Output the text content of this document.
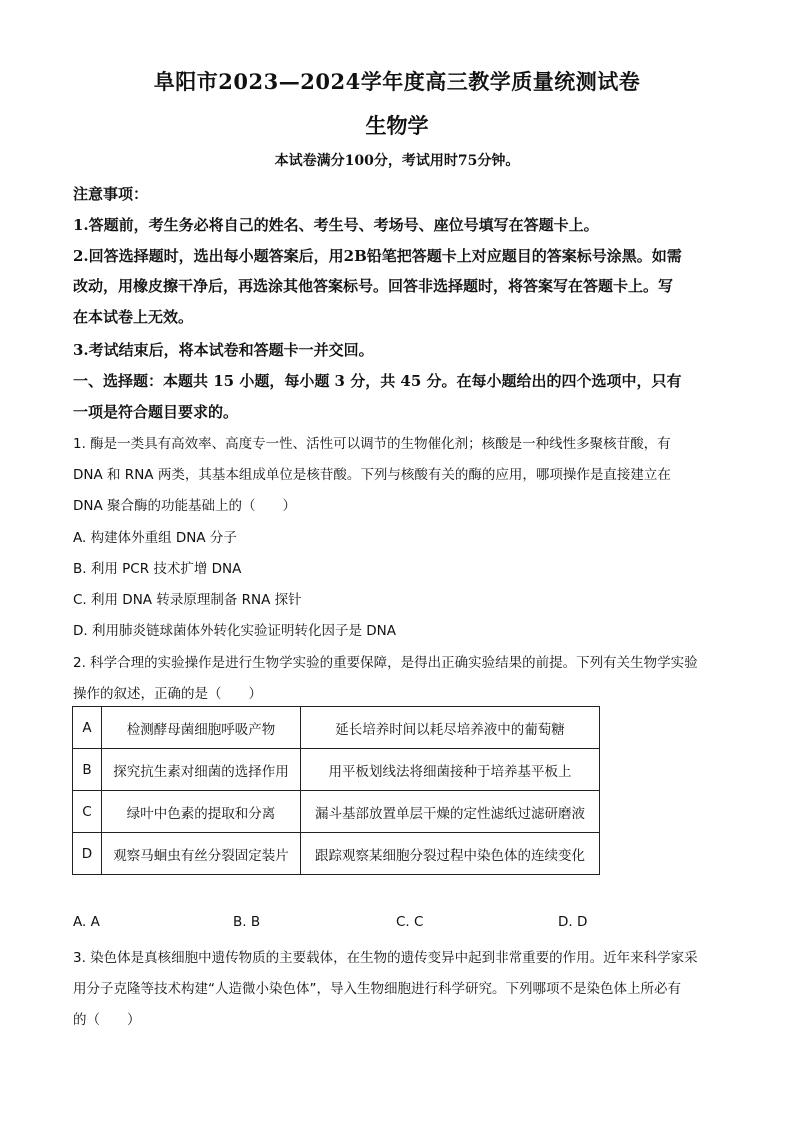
阜阳市2023—2024学年度高三教学质量统测试卷
生物学
本试卷满分100分，考试用时75分钟。
注意事项：
1.答题前，考生务必将自己的姓名、考生号、考场号、座位号填写在答题卡上。
2.回答选择题时，选出每小题答案后，用2B铅笔把答题卡上对应题目的答案标号涂黑。如需
改动，用橡皮擦干净后，再选涂其他答案标号。回答非选择题时，将答案写在答题卡上。写
在本试卷上无效。
3.考试结束后，将本试卷和答题卡一并交回。
一、选择题：本题共 15 小题，每小题 3 分，共 45 分。在每小题给出的四个选项中，只有
一项是符合题目要求的。
1. 酶是一类具有高效率、高度专一性、活性可以调节的生物催化剂；核酸是一种线性多聚核苷酸，有
DNA 和 RNA 两类，其基本组成单位是核苷酸。下列与核酸有关的酶的应用，哪项操作是直接建立在
DNA 聚合酶的功能基础上的（　　）
A. 构建体外重组 DNA 分子
B. 利用 PCR 技术扩增 DNA
C. 利用 DNA 转录原理制备 RNA 探针
D. 利用肺炎链球菌体外转化实验证明转化因子是 DNA
2. 科学合理的实验操作是进行生物学实验的重要保障，是得出正确实验结果的前提。下列有关生物学实验
操作的叙述，正确的是（　　）
A	检测酵母菌细胞呼吸产物	延长培养时间以耗尽培养液中的葡萄糖
B	探究抗生素对细菌的选择作用	用平板划线法将细菌接种于培养基平板上
C	绿叶中色素的提取和分离	漏斗基部放置单层干燥的定性滤纸过滤研磨液
D	观察马蛔虫有丝分裂固定装片	跟踪观察某细胞分裂过程中染色体的连续变化
A. A	B. B	C. C	D. D
3. 染色体是真核细胞中遗传物质的主要载体，在生物的遗传变异中起到非常重要的作用。近年来科学家采
用分子克隆等技术构建“人造微小染色体”，导入生物细胞进行科学研究。下列哪项不是染色体上所必有
的（　　）
